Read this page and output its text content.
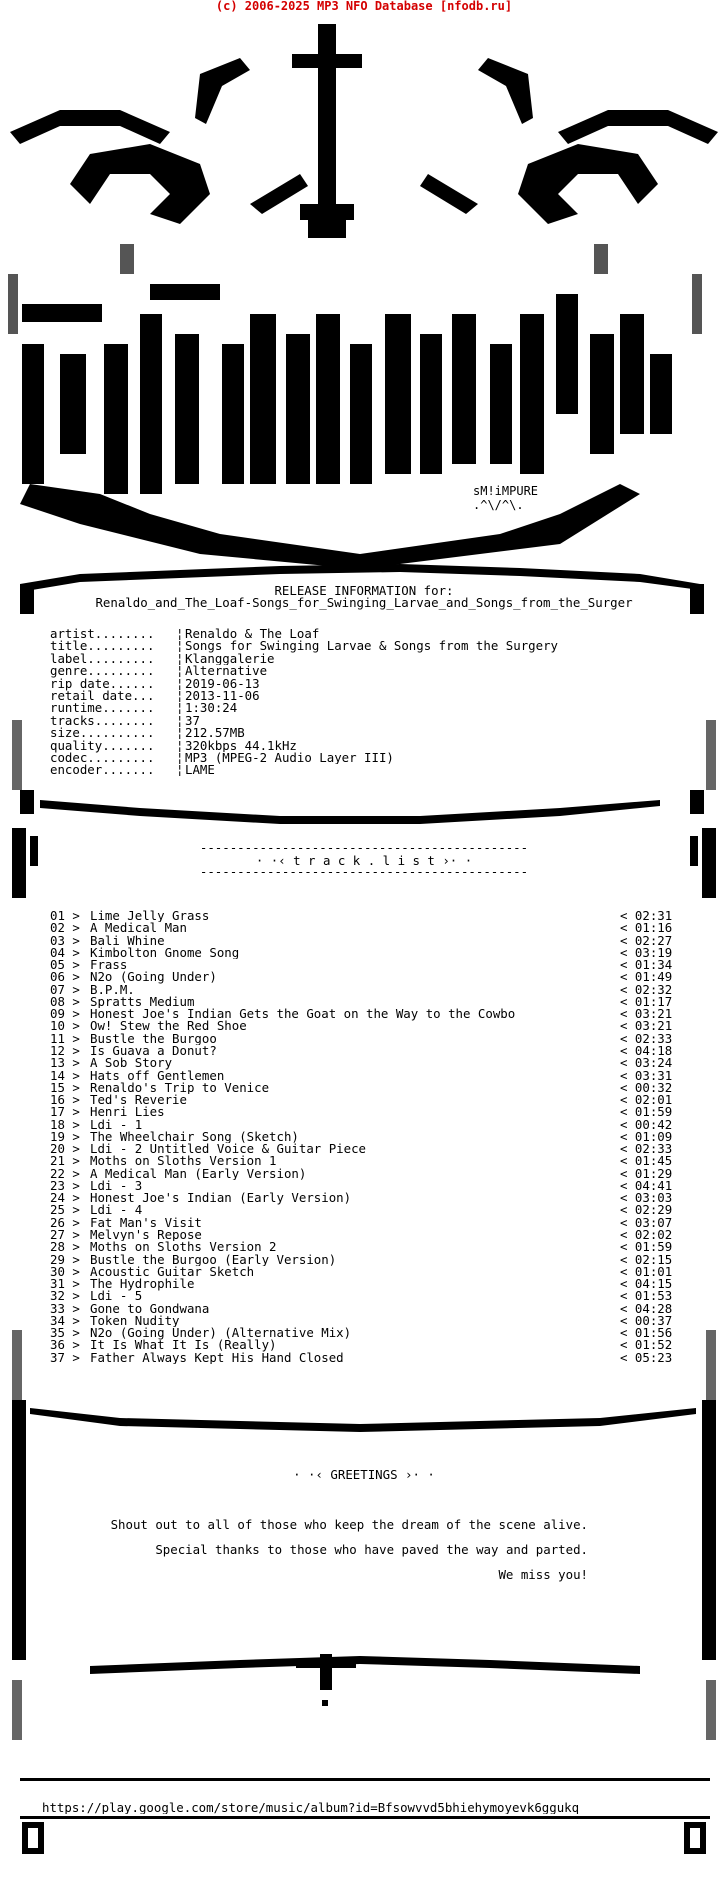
(c) 2006-2025 MP3 NFO Database [nfodb.ru]
sM!iMPURE
.^\/^\.
RELEASE INFORMATION for:
Renaldo_and_The_Loaf-Songs_for_Swinging_Larvae_and_Songs_from_the_Surger
artist........	Renaldo & The Loaf
¦
title.........	Songs for Swinging Larvae & Songs from the Surgery
¦
label.........	Klanggalerie
¦
genre.........	Alternative
¦
rip date......	2019-06-13
¦
retail date...	2013-11-06
¦
runtime.......	1:30:24
¦
tracks........	37
¦
size..........	212.57MB
¦
quality.......	320kbps 44.1kHz
¦
codec.........	MP3 (MPEG-2 Audio Layer III)
¦
encoder.......	LAME
¦
--------------------------------------------
· ·‹ t r a c k . l i s t ›· ·
--------------------------------------------
01 > Lime Jelly Grass	< 02:31
02 > A Medical Man	< 01:16
03 > Bali Whine	< 02:27
04 > Kimbolton Gnome Song	< 03:19
05 > Frass	< 01:34
06 > N2o (Going Under)	< 01:49
07 > B.P.M.	< 02:32
08 > Spratts Medium	< 01:17
09 > Honest Joe's Indian Gets the Goat on the Way to the Cowbo	< 03:21
10 > Ow! Stew the Red Shoe	< 03:21
11 > Bustle the Burgoo	< 02:33
12 > Is Guava a Donut?	< 04:18
13 > A Sob Story	< 03:24
14 > Hats off Gentlemen	< 03:31
15 > Renaldo's Trip to Venice	< 00:32
16 > Ted's Reverie	< 02:01
17 > Henri Lies	< 01:59
18 > Ldi - 1	< 00:42
19 > The Wheelchair Song (Sketch)	< 01:09
20 > Ldi - 2 Untitled Voice & Guitar Piece	< 02:33
21 > Moths on Sloths Version 1	< 01:45
22 > A Medical Man (Early Version)	< 01:29
23 > Ldi - 3	< 04:41
24 > Honest Joe's Indian (Early Version)	< 03:03
25 > Ldi - 4	< 02:29
26 > Fat Man's Visit	< 03:07
27 > Melvyn's Repose	< 02:02
28 > Moths on Sloths Version 2	< 01:59
29 > Bustle the Burgoo (Early Version)	< 02:15
30 > Acoustic Guitar Sketch	< 01:01
31 > The Hydrophile	< 04:15
32 > Ldi - 5	< 01:53
33 > Gone to Gondwana	< 04:28
34 > Token Nudity	< 00:37
35 > N2o (Going Under) (Alternative Mix)	< 01:56
36 > It Is What It Is (Really)	< 01:52
37 > Father Always Kept His Hand Closed	< 05:23
· ·‹ GREETINGS ›· ·
Shout out to all of those who keep the dream of the scene alive.
Special thanks to those who have paved the way and parted.
We miss you!
https://play.google.com/store/music/album?id=Bfsowvvd5bhiehymoyevk6ggukq
